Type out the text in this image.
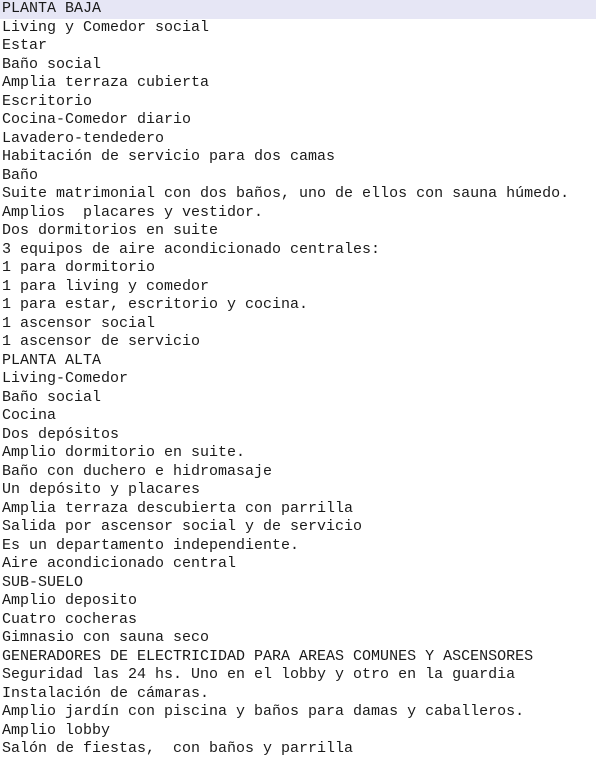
PLANTA BAJA
Living y Comedor social
Estar
Baño social
Amplia terraza cubierta
Escritorio
Cocina-Comedor diario
Lavadero-tendedero
Habitación de servicio para dos camas
Baño
Suite matrimonial con dos baños, uno de ellos con sauna húmedo.
Amplios  placares y vestidor.
Dos dormitorios en suite
3 equipos de aire acondicionado centrales:
1 para dormitorio
1 para living y comedor
1 para estar, escritorio y cocina.
1 ascensor social
1 ascensor de servicio
PLANTA ALTA
Living-Comedor
Baño social
Cocina
Dos depósitos
Amplio dormitorio en suite.
Baño con duchero e hidromasaje
Un depósito y placares
Amplia terraza descubierta con parrilla
Salida por ascensor social y de servicio
Es un departamento independiente.
Aire acondicionado central
SUB-SUELO
Amplio deposito
Cuatro cocheras
Gimnasio con sauna seco
GENERADORES DE ELECTRICIDAD PARA AREAS COMUNES Y ASCENSORES
Seguridad las 24 hs. Uno en el lobby y otro en la guardia
Instalación de cámaras.
Amplio jardín con piscina y baños para damas y caballeros.
Amplio lobby
Salón de fiestas,  con baños y parrilla
